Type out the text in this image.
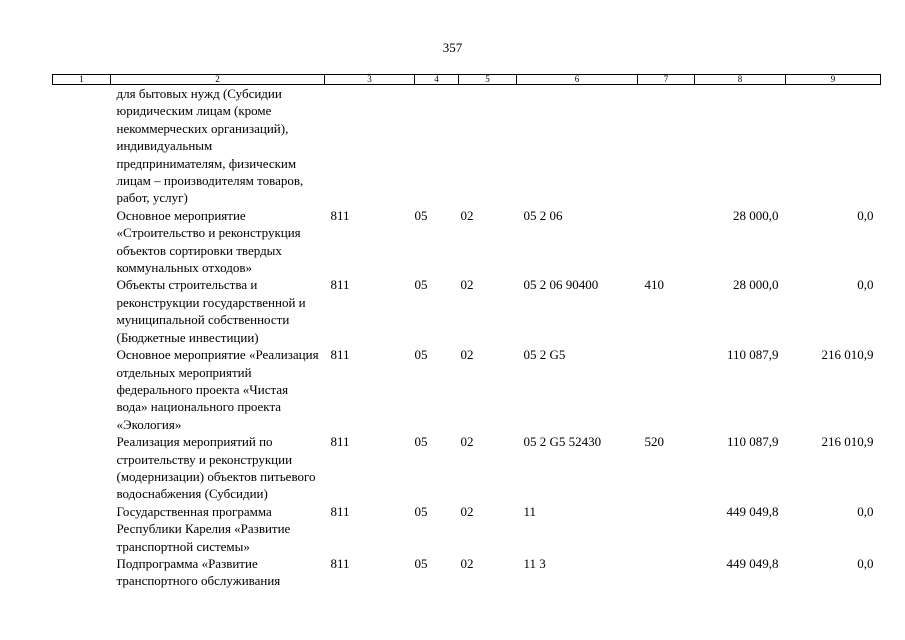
357
1	2	3	4	5	6	7	8	9
	для бытовых нужд (Субсидии юридическим лицам (кроме некоммерческих организаций), индивидуальным предпринимателям, физическим лицам – производителям товаров, работ, услуг)							
	Основное мероприятие «Строительство и реконструкция объектов сортировки твердых коммунальных отходов»	811	05	02	05 2 06		28 000,0	0,0
	Объекты строительства и реконструкции государственной и муниципальной собственности (Бюджетные инвестиции)	811	05	02	05 2 06 90400	410	28 000,0	0,0
	Основное мероприятие «Реализация отдельных мероприятий федерального проекта «Чистая вода» национального проекта «Экология»	811	05	02	05 2 G5		110 087,9	216 010,9
	Реализация мероприятий по строительству и реконструкции (модернизации) объектов питьевого водоснабжения (Субсидии)	811	05	02	05 2 G5 52430	520	110 087,9	216 010,9
	Государственная программа Республики Карелия «Развитие транспортной системы»	811	05	02	11		449 049,8	0,0
	Подпрограмма «Развитие транспортного обслуживания	811	05	02	11 3		449 049,8	0,0
